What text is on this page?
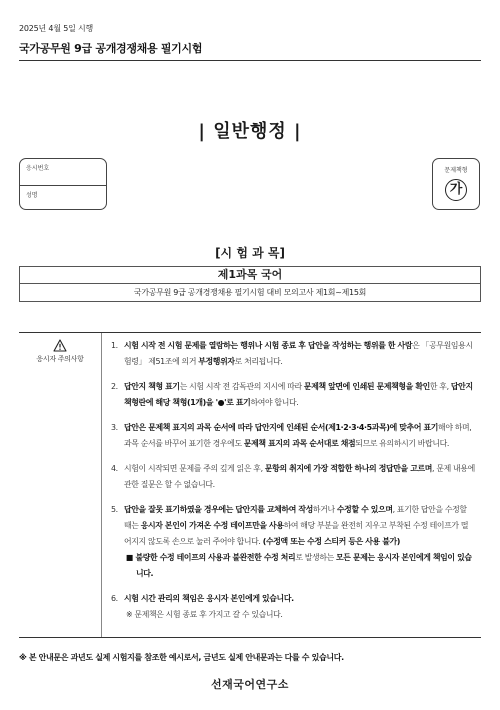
2025년 4월 5일 시행
국가공무원 9급 공개경쟁채용 필기시험
| 일반행정 |
응시번호
성명
문제책형
가
[시 험 과 목]
제1과목 국어
국가공무원 9급 공개경쟁채용 필기시험 대비 모의고사 제1회~제15회
응시자 주의사항
1. 시험 시작 전 시험 문제를 열람하는 행위나 시험 종료 후 답안을 작성하는 행위를 한 사람은 「공무원임용시험령」 제51조에 의거 부정행위자로 처리됩니다.
2. 답안지 책형 표기는 시험 시작 전 감독관의 지시에 따라 문제책 앞면에 인쇄된 문제책형을 확인한 후, 답안지 책형란에 해당 책형(1개)을 '●'로 표기하여야 합니다.
3. 답안은 문제책 표지의 과목 순서에 따라 답안지에 인쇄된 순서(제1·2·3·4·5과목)에 맞추어 표기해야 하며, 과목 순서를 바꾸어 표기한 경우에도 문제책 표지의 과목 순서대로 채점되므로 유의하시기 바랍니다.
4. 시험이 시작되면 문제를 주의 깊게 읽은 후, 문항의 취지에 가장 적합한 하나의 정답만을 고르며, 문제 내용에 관한 질문은 할 수 없습니다.
5. 답안을 잘못 표기하였을 경우에는 답안지를 교체하여 작성하거나 수정할 수 있으며, 표기한 답안을 수정할 때는 응시자 본인이 가져온 수정 테이프만을 사용하여 해당 부분을 완전히 지우고 부착된 수정 테이프가 떨어지지 않도록 손으로 눌러 주어야 합니다. (수정액 또는 수정 스티커 등은 사용 불가)
■ 불량한 수정 테이프의 사용과 불완전한 수정 처리로 발생하는 모든 문제는 응시자 본인에게 책임이 있습니다.
6. 시험 시간 관리의 책임은 응시자 본인에게 있습니다.
※ 문제책은 시험 종료 후 가지고 갈 수 있습니다.
※ 본 안내문은 과년도 실제 시험지를 참조한 예시로서, 금년도 실제 안내문과는 다를 수 있습니다.
선재국어연구소
